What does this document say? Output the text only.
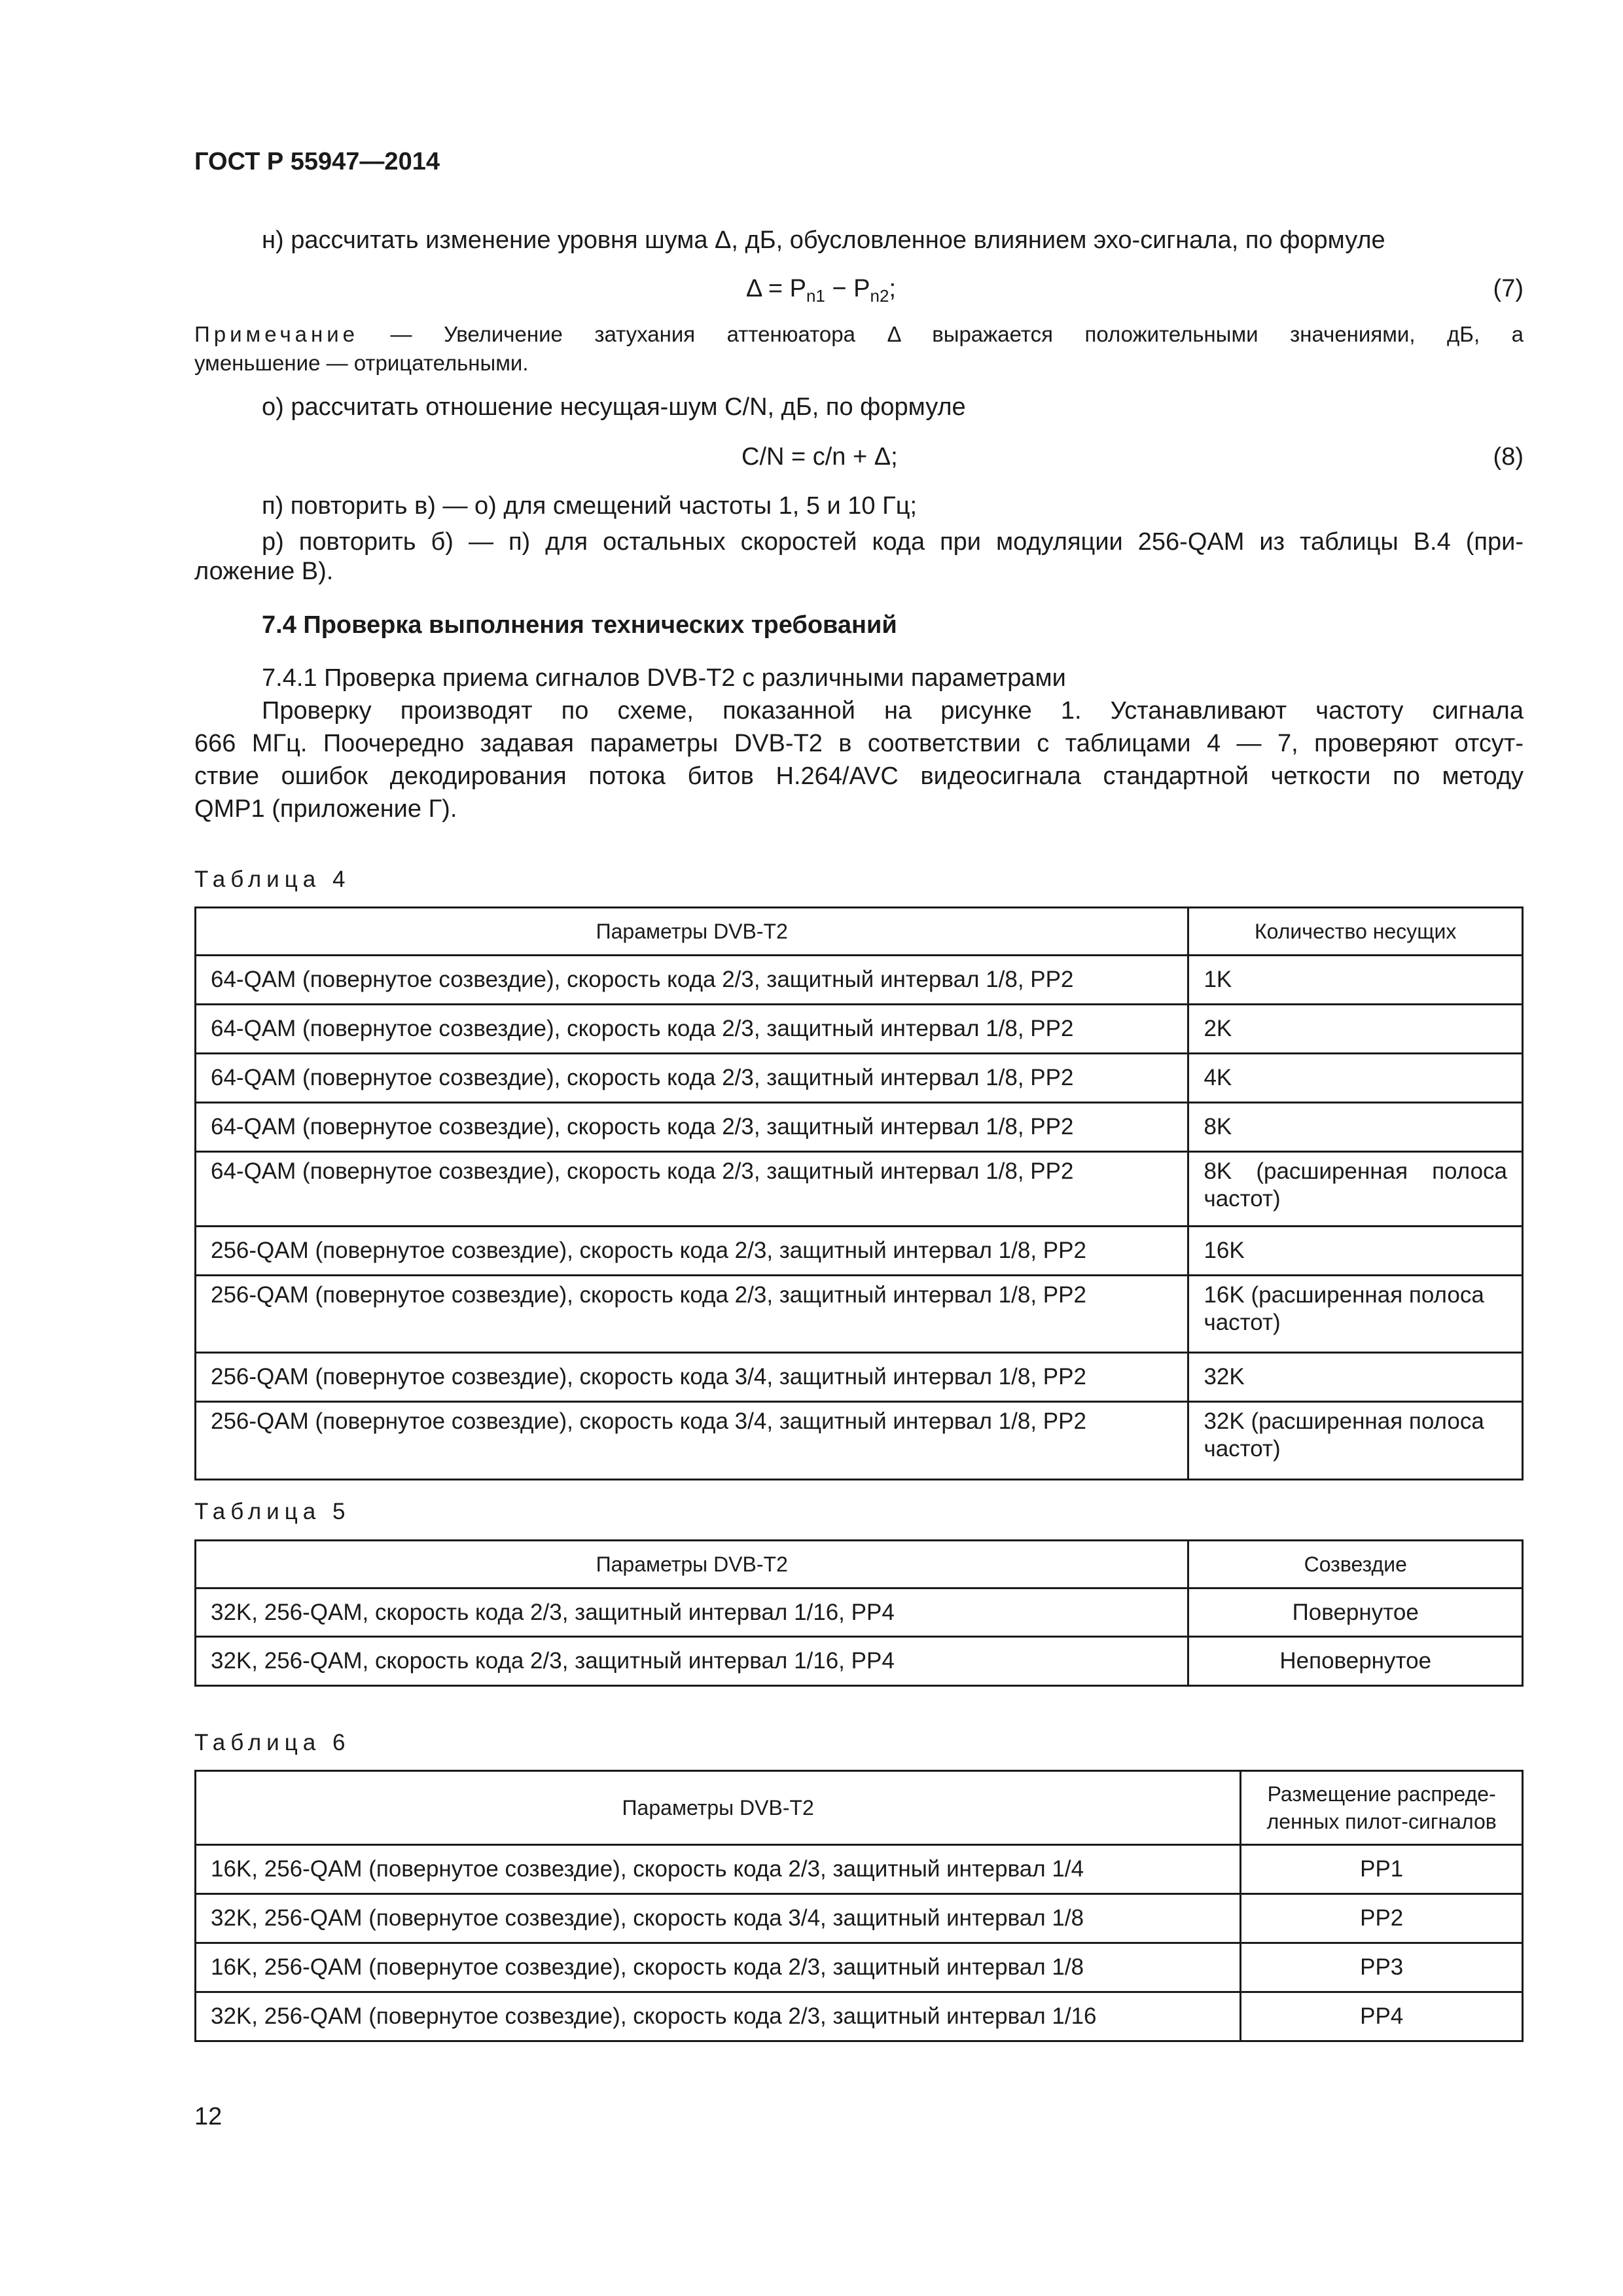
ГОСТ Р 55947—2014
н) рассчитать изменение уровня шума Δ, дБ, обусловленное влиянием эхо-сигнала, по формуле
$\Delta = P_{n1} - P_{n2}$;	(7)
Примечание — Увеличение затухания аттенюатора Δ выражается положительными значениями, дБ, а
уменьшение — отрицательными.
о) рассчитать отношение несущая-шум C/N, дБ, по формуле
C/N = c/n + Δ;	(8)
п) повторить в) — о) для смещений частоты 1, 5 и 10 Гц;
р) повторить б) — п) для остальных скоростей кода при модуляции 256-QAM из таблицы В.4 (при-
ложение В).
7.4 Проверка выполнения технических требований
7.4.1 Проверка приема сигналов DVB-T2 с различными параметрами
Проверку производят по схеме, показанной на рисунке 1. Устанавливают частоту сигнала
666 МГц. Поочередно задавая параметры DVB-T2 в соответствии с таблицами 4 — 7, проверяют отсут-
ствие ошибок декодирования потока битов H.264/AVC видеосигнала стандартной четкости по методу
QMP1 (приложение Г).
Таблица 4
Параметры DVB-T2	Количество несущих
64-QAM (повернутое созвездие), скорость кода 2/3, защитный интервал 1/8, PP2	1K
64-QAM (повернутое созвездие), скорость кода 2/3, защитный интервал 1/8, PP2	2K
64-QAM (повернутое созвездие), скорость кода 2/3, защитный интервал 1/8, PP2	4K
64-QAM (повернутое созвездие), скорость кода 2/3, защитный интервал 1/8, PP2	8K
64-QAM (повернутое созвездие), скорость кода 2/3, защитный интервал 1/8, PP2	8K (расширенная полоса частот)
256-QAM (повернутое созвездие), скорость кода 2/3, защитный интервал 1/8, PP2	16K
256-QAM (повернутое созвездие), скорость кода 2/3, защитный интервал 1/8, PP2	16K (расширенная полоса частот)
256-QAM (повернутое созвездие), скорость кода 3/4, защитный интервал 1/8, PP2	32K
256-QAM (повернутое созвездие), скорость кода 3/4, защитный интервал 1/8, PP2	32K (расширенная полоса частот)
Таблица 5
Параметры DVB-T2	Созвездие
32K, 256-QAM, скорость кода 2/3, защитный интервал 1/16, PP4	Повернутое
32K, 256-QAM, скорость кода 2/3, защитный интервал 1/16, PP4	Неповернутое
Таблица 6
Параметры DVB-T2	Размещение распреде-
ленных пилот-сигналов

16K, 256-QAM (повернутое созвездие), скорость кода 2/3, защитный интервал 1/4	PP1
32K, 256-QAM (повернутое созвездие), скорость кода 3/4, защитный интервал 1/8	PP2
16K, 256-QAM (повернутое созвездие), скорость кода 2/3, защитный интервал 1/8	PP3
32K, 256-QAM (повернутое созвездие), скорость кода 2/3, защитный интервал 1/16	PP4
12
